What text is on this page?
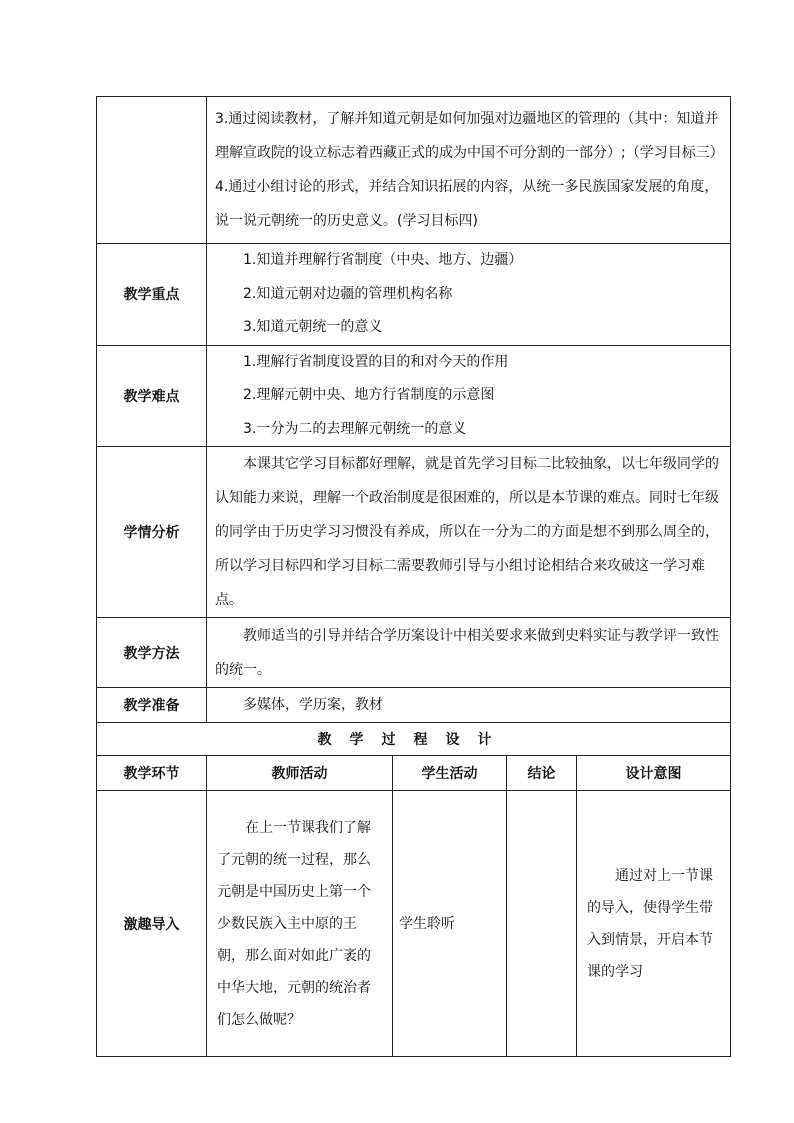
	3.通过阅读教材，了解并知道元朝是如何加强对边疆地区的管理的（其中：知道并理解宣政院的设立标志着西藏正式的成为中国不可分割的一部分）;（学习目标三）
4.通过小组讨论的形式，并结合知识拓展的内容，从统一多民族国家发展的角度，说一说元朝统一的历史意义。(学习目标四)			

教学重点	1.知道并理解行省制度（中央、地方、边疆）
2.知道元朝对边疆的管理机构名称
3.知道元朝统一的意义			

教学难点	1.理解行省制度设置的目的和对今天的作用
2.理解元朝中央、地方行省制度的示意图
3.一分为二的去理解元朝统一的意义			

学情分析	本课其它学习目标都好理解，就是首先学习目标二比较抽象，以七年级同学的认知能力来说，理解一个政治制度是很困难的，所以是本节课的难点。同时七年级的同学由于历史学习习惯没有养成，所以在一分为二的方面是想不到那么周全的，所以学习目标四和学习目标二需要教师引导与小组讨论相结合来攻破这一学习难点。			

教学方法	教师适当的引导并结合学历案设计中相关要求来做到史料实证与教学评一致性的统一。			

教学准备	多媒体，学历案，教材			
教学过程设计				
教学环节	教师活动	学生活动	结论	设计意图
激趣导入	在上一节课我们了解了元朝的统一过程，那么元朝是中国历史上第一个少数民族入主中原的王朝，那么面对如此广袤的中华大地，元朝的统治者们怎么做呢？	学生聆听		通过对上一节课的导入，使得学生带入到情景，开启本节课的学习
